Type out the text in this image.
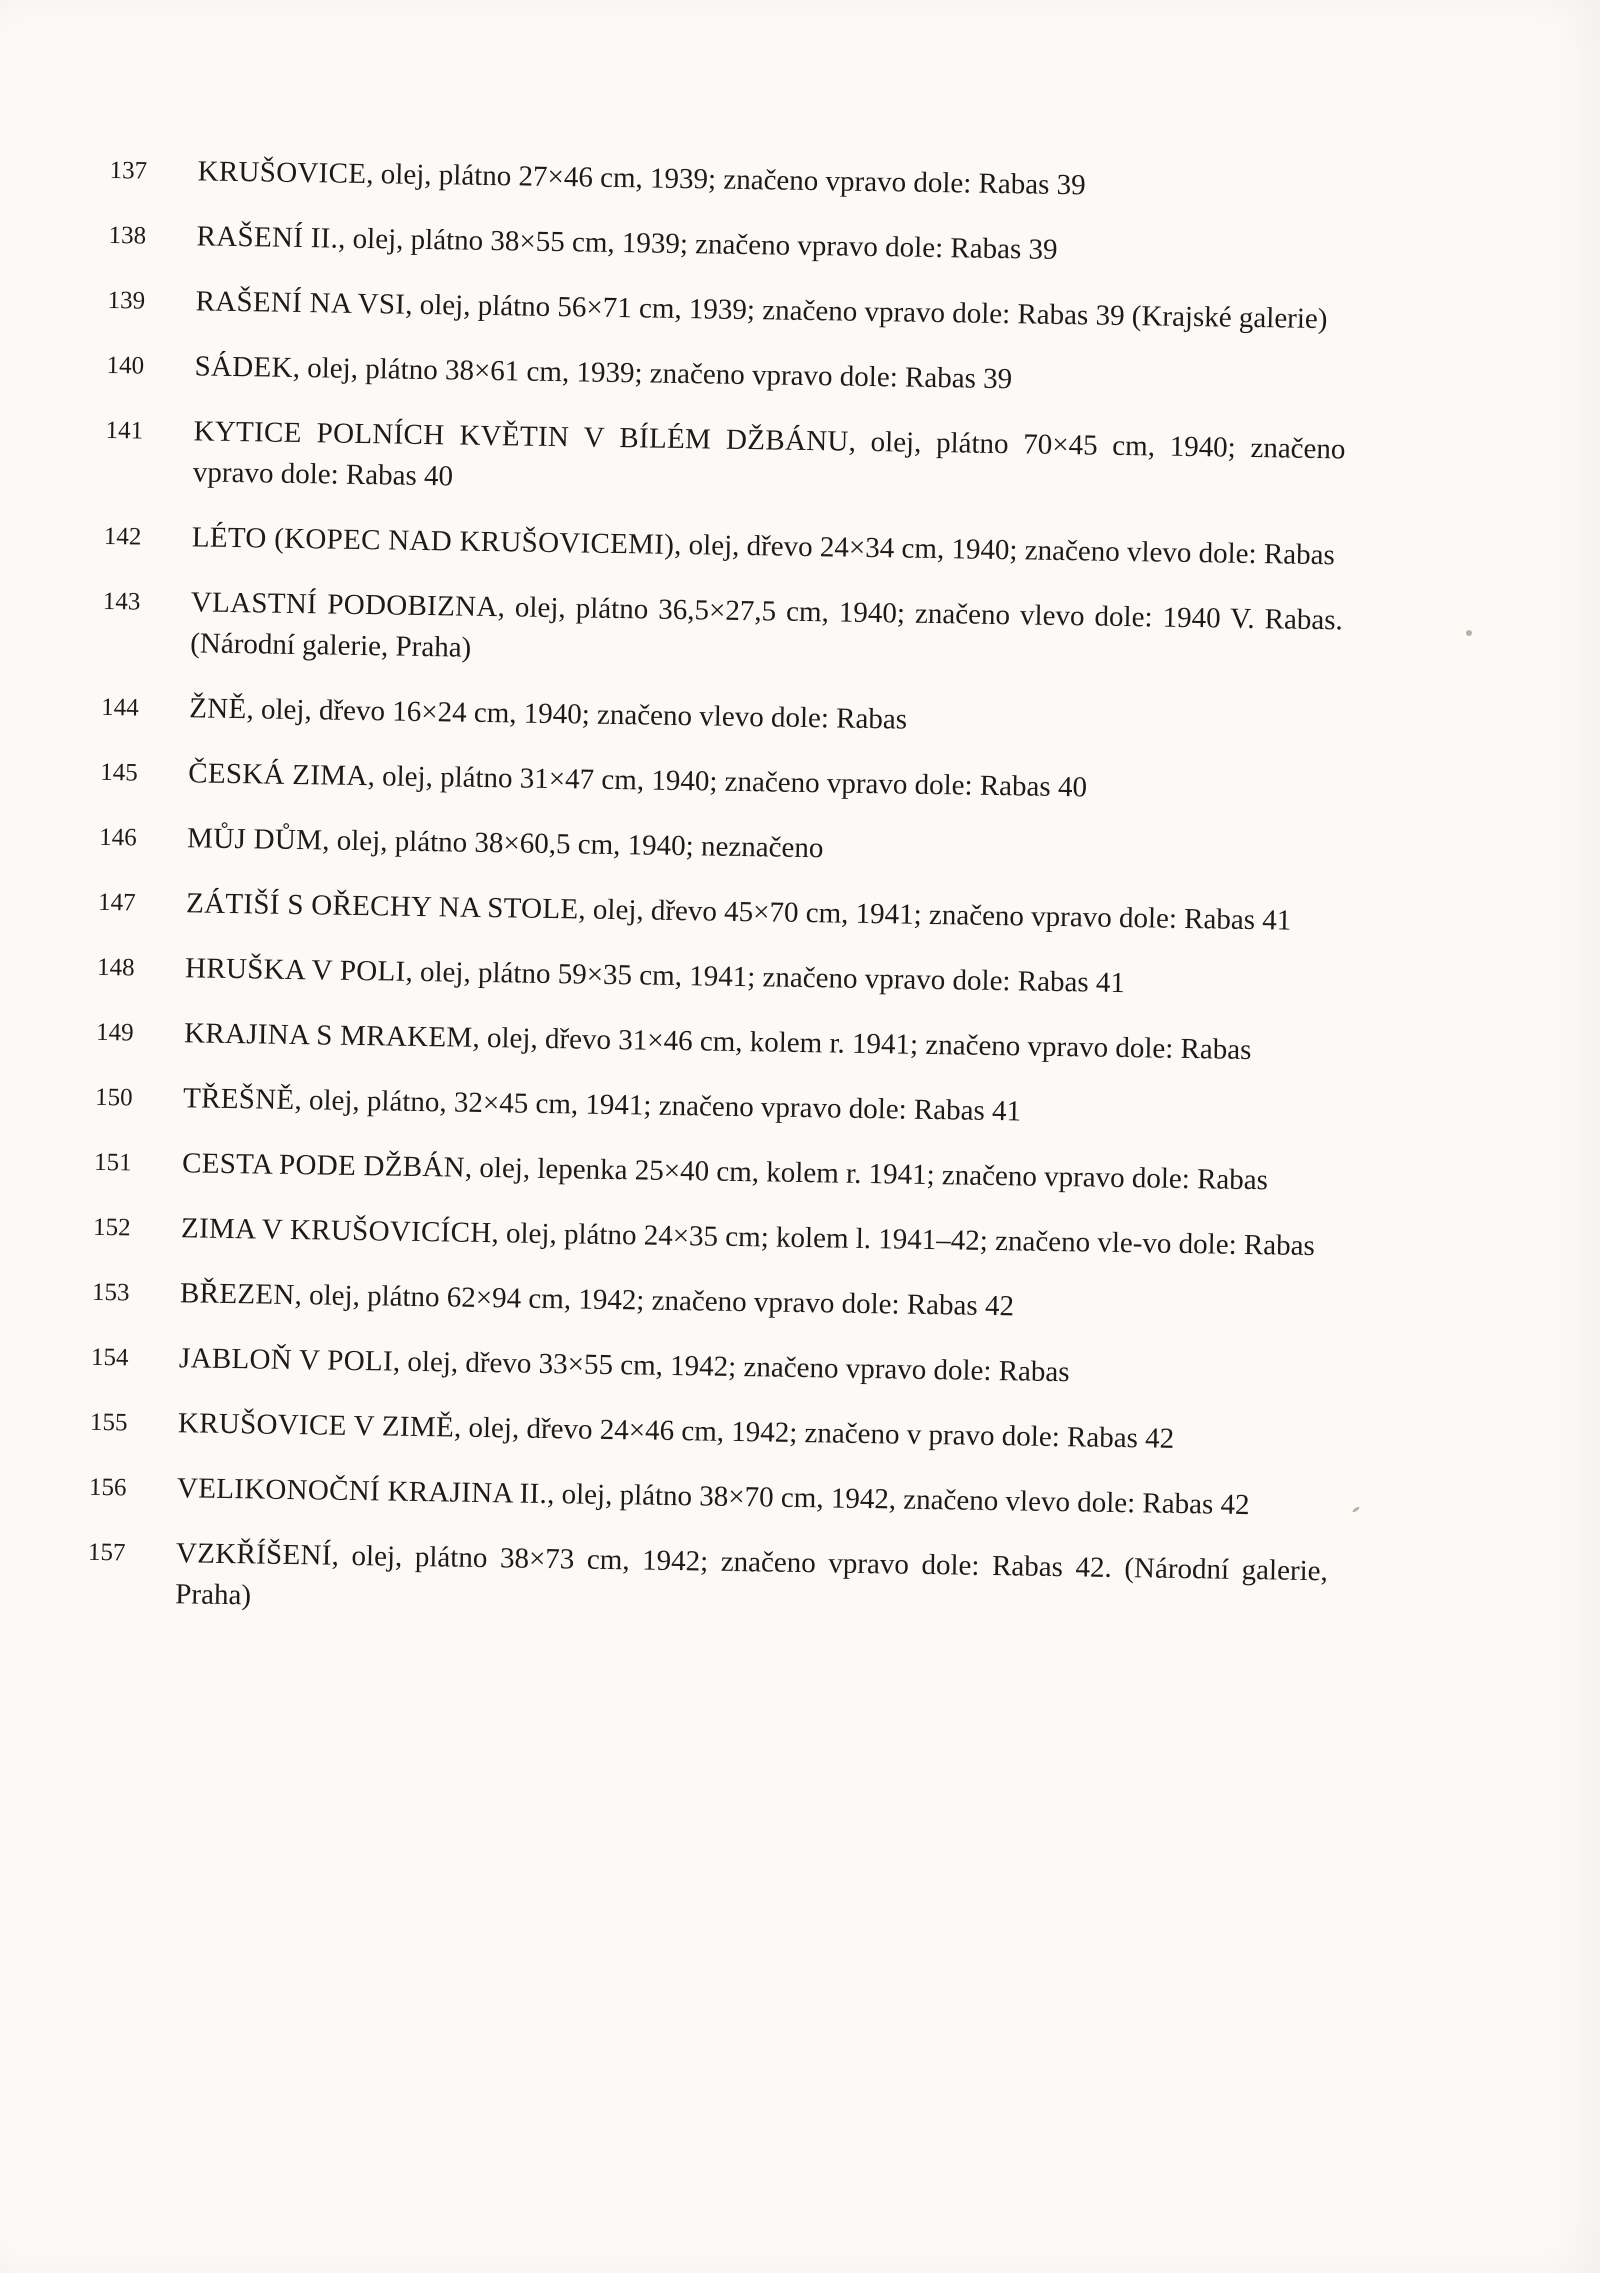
137	KRUŠOVICE, olej, plátno 27×46 cm, 1939; značeno vpravo dole: Rabas 39
138	RAŠENÍ II., olej, plátno 38×55 cm, 1939; značeno vpravo dole: Rabas 39
139	RAŠENÍ NA VSI, olej, plátno 56×71 cm, 1939; značeno vpravo dole: Rabas 39 (Krajské galerie)
140	SÁDEK, olej, plátno 38×61 cm, 1939; značeno vpravo dole: Rabas 39
141	KYTICE POLNÍCH KVĚTIN V BÍLÉM DŽBÁNU, olej, plátno 70×45 cm, 1940; značeno vpravo dole: Rabas 40
142	LÉTO (KOPEC NAD KRUŠOVICEMI), olej, dřevo 24×34 cm, 1940; značeno vlevo dole: Rabas
143	VLASTNÍ PODOBIZNA, olej, plátno 36,5×27,5 cm, 1940; značeno vlevo dole: 1940 V. Rabas. (Národní galerie, Praha)
144	ŽNĚ, olej, dřevo 16×24 cm, 1940; značeno vlevo dole: Rabas
145	ČESKÁ ZIMA, olej, plátno 31×47 cm, 1940; značeno vpravo dole: Rabas 40
146	MŮJ DŮM, olej, plátno 38×60,5 cm, 1940; neznačeno
147	ZÁTIŠÍ S OŘECHY NA STOLE, olej, dřevo 45×70 cm, 1941; značeno vpravo dole: Rabas 41
148	HRUŠKA V POLI, olej, plátno 59×35 cm, 1941; značeno vpravo dole: Rabas 41
149	KRAJINA S MRAKEM, olej, dřevo 31×46 cm, kolem r. 1941; značeno vpravo dole: Rabas
150	TŘEŠNĚ, olej, plátno, 32×45 cm, 1941; značeno vpravo dole: Rabas 41
151	CESTA PODE DŽBÁN, olej, lepenka 25×40 cm, kolem r. 1941; značeno vpravo dole: Rabas
152	ZIMA V KRUŠOVICÍCH, olej, plátno 24×35 cm; kolem l. 1941–42; značeno vle-vo dole: Rabas
153	BŘEZEN, olej, plátno 62×94 cm, 1942; značeno vpravo dole: Rabas 42
154	JABLOŇ V POLI, olej, dřevo 33×55 cm, 1942; značeno vpravo dole: Rabas
155	KRUŠOVICE V ZIMĚ, olej, dřevo 24×46 cm, 1942; značeno v pravo dole: Rabas 42
156	VELIKONOČNÍ KRAJINA II., olej, plátno 38×70 cm, 1942, značeno vlevo dole: Rabas 42
157	VZKŘÍŠENÍ, olej, plátno 38×73 cm, 1942; značeno vpravo dole: Rabas 42. (Národní galerie, Praha)
